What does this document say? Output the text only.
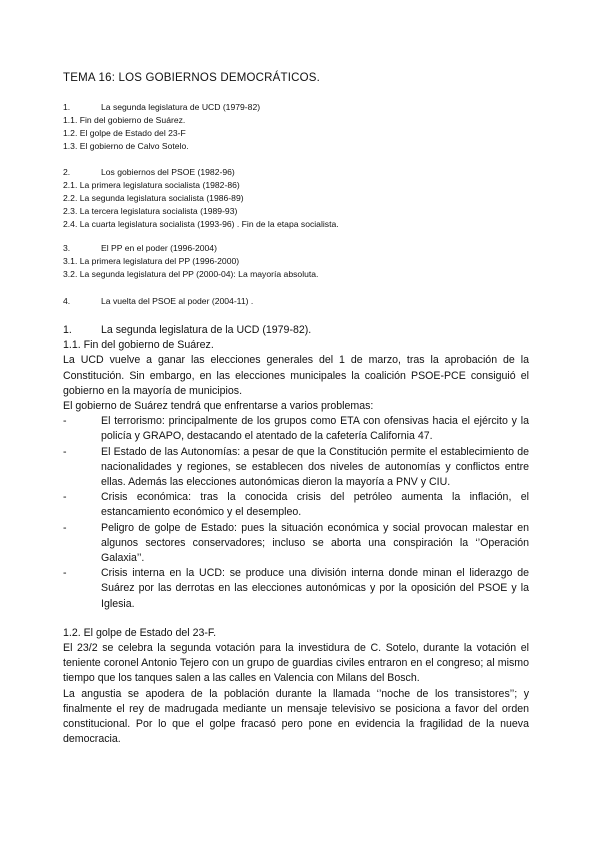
TEMA 16: LOS GOBIERNOS DEMOCRÁTICOS.
1.	La segunda legislatura de UCD (1979-82)
1.1. Fin del gobierno de Suárez.
1.2. El golpe de Estado del 23-F
1.3. El gobierno de Calvo Sotelo.
2.	Los gobiernos del PSOE (1982-96)
2.1. La primera legislatura socialista (1982-86)
2.2. La segunda legislatura socialista (1986-89)
2.3. La tercera legislatura socialista (1989-93)
2.4. La cuarta legislatura socialista (1993-96) . Fin de la etapa socialista.
3.	El PP en el poder (1996-2004)
3.1. La primera legislatura del PP (1996-2000)
3.2. La segunda legislatura del PP (2000-04): La mayoría absoluta.
4.	La vuelta del PSOE al poder (2004-11) .

1.	La segunda legislatura de la UCD (1979-82).

1.1. Fin del gobierno de Suárez.

La UCD vuelve a ganar las elecciones generales del 1 de marzo, tras la aprobación de la Constitución. Sin embargo, en las elecciones municipales la coalición PSOE-PCE consiguió el gobierno en la mayoría de municipios.

El gobierno de Suárez tendrá que enfrentarse a varios problemas:

-	El terrorismo: principalmente de los grupos como ETA con ofensivas hacia el ejército y la policía y GRAPO, destacando el atentado de la cafetería California 47.
-	El Estado de las Autonomías: a pesar de que la Constitución permite el establecimiento de nacionalidades y regiones, se establecen dos niveles de autonomías y conflictos entre ellas. Además las elecciones autonómicas dieron la mayoría a PNV y CIU.
-	Crisis económica: tras la conocida crisis del petróleo aumenta la inflación, el estancamiento económico y el desempleo.
-	Peligro de golpe de Estado: pues la situación económica y social provocan malestar en algunos sectores conservadores; incluso se aborta una conspiración la ‘’Operación Galaxia’’.
-	Crisis interna en la UCD: se produce una división interna donde minan el liderazgo de Suárez por las derrotas en las elecciones autonómicas y por la oposición del PSOE y la Iglesia.

1.2. El golpe de Estado del 23-F.

El 23/2 se celebra la segunda votación para la investidura de C. Sotelo, durante la votación el teniente coronel Antonio Tejero con un grupo de guardias civiles entraron en el congreso; al mismo tiempo que los tanques salen a las calles en Valencia con Milans del Bosch.

La angustia se apodera de la población durante la llamada ‘’noche de los transistores’’; y finalmente el rey de madrugada mediante un mensaje televisivo se posiciona a favor del orden constitucional. Por lo que el golpe fracasó pero pone en evidencia la fragilidad de la nueva democracia.
